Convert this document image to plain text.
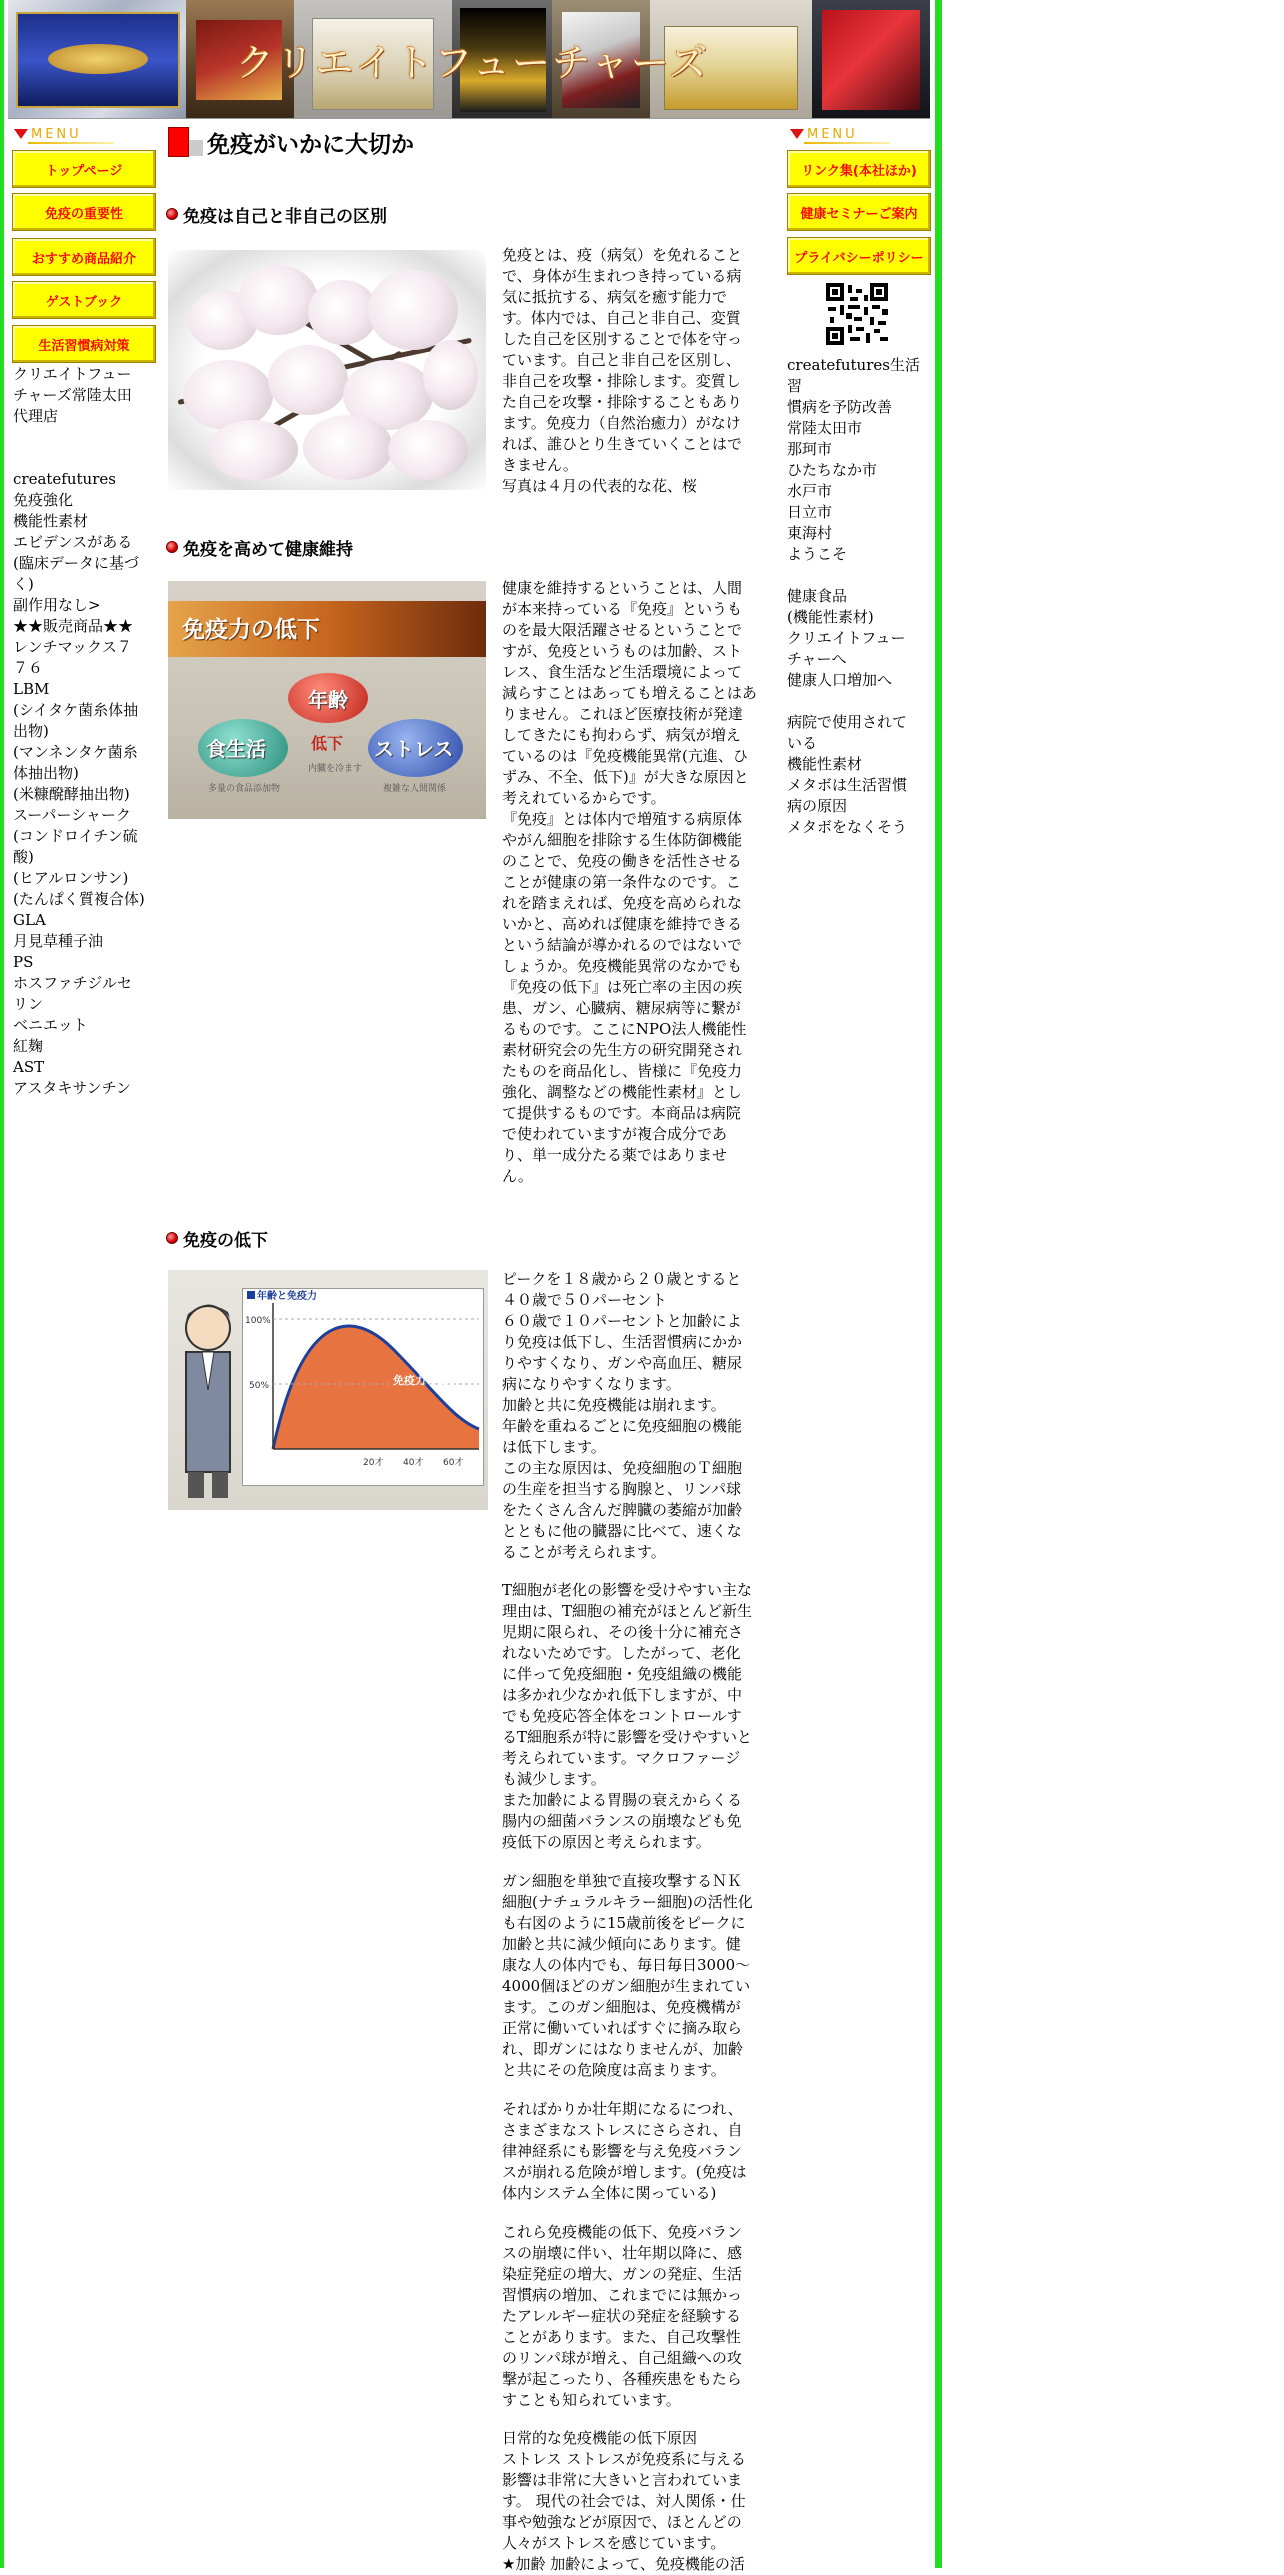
クリエイトフューチャーズ
MENU
トップページ
免疫の重要性
おすすめ商品紹介
ゲストブック
生活習慣病対策
クリエイトフュー
チャーズ常陸太田
代理店
createfutures
免疫強化
機能性素材
エビデンスがある
(臨床データに基づ
く)
副作用なし>
★★販売商品★★
レンチマックス７
７６
LBM
(シイタケ菌糸体抽
出物)
(マンネンタケ菌糸
体抽出物)
(米糠醗酵抽出物)
スーパーシャーク
(コンドロイチン硫
酸)
(ヒアルロンサン)
(たんぱく質複合体)
GLA
月見草種子油
PS
ホスファチジルセ
リン
ベニエット
紅麹
AST
アスタキサンチン
MENU
リンク集(本社ほか)
健康セミナーご案内
プライバシーポリシー
createfutures生活習
慣病を予防改善
常陸太田市
那珂市
ひたちなか市
水戸市
日立市
東海村
ようこそ
健康食品
(機能性素材)
クリエイトフュー
チャーへ
健康人口増加へ
病院で使用されて
いる
機能性素材
メタボは生活習慣
病の原因
メタボをなくそう
免疫がいかに大切か
免疫は自己と非自己の区別

免疫とは、疫（病気）を免れること
で、身体が生まれつき持っている病
気に抵抗する、病気を癒す能力で
す。体内では、自己と非自己、変質
した自己を区別することで体を守っ
ています。自己と非自己を区別し、
非自己を攻撃・排除します。変質し
た自己を攻撃・排除することもあり
ます。免疫力（自然治癒力）がなけ
れば、誰ひとり生きていくことはで
きません。
写真は４月の代表的な花、桜

免疫を高めて健康維持
免疫力の低下
年齢
食生活	ストレス
低下
多量の食品添加物
内臓を冷ます
複雑な人間関係

健康を維持するということは、人間
が本来持っている『免疫』というも
のを最大限活躍させるということで
すが、免疫というものは加齢、スト
レス、食生活など生活環境によって
減らすことはあっても増えることはあ
りません。これほど医療技術が発達
してきたにも拘わらず、病気が増え
ているのは『免疫機能異常(亢進、ひ
ずみ、不全、低下)』が大きな原因と
考えれているからです。
『免疫』とは体内で増殖する病原体
やがん細胞を排除する生体防御機能
のことで、免疫の働きを活性させる
ことが健康の第一条件なのです。こ
れを踏まえれば、免疫を高められな
いかと、高めれば健康を維持できる
という結論が導かれるのではないで
しょうか。免疫機能異常のなかでも
『免疫の低下』は死亡率の主因の疾
患、ガン、心臓病、糖尿病等に繋が
るものです。ここにNPO法人機能性
素材研究会の先生方の研究開発され
たものを商品化し、皆様に『免疫力
強化、調整などの機能性素材』とし
て提供するものです。本商品は病院
で使われていますが複合成分であ
り、単一成分たる薬ではありませ
ん。

免疫の低下
年齢と免疫力
100%
50%
20才 40才 60才
免疫力の低下

ピークを１８歳から２０歳とすると
４０歳で５０パーセント
６０歳で１０パーセントと加齢によ
り免疫は低下し、生活習慣病にかか
りやすくなり、ガンや高血圧、糖尿
病になりやすくなります。
加齢と共に免疫機能は崩れます。
年齢を重ねるごとに免疫細胞の機能
は低下します。
この主な原因は、免疫細胞のＴ細胞
の生産を担当する胸腺と、リンパ球
をたくさん含んだ脾臓の萎縮が加齢
とともに他の臓器に比べて、速くな
ることが考えられます。

T細胞が老化の影響を受けやすい主な
理由は、T細胞の補充がほとんど新生
児期に限られ、その後十分に補充さ
れないためです。したがって、老化
に伴って免疫細胞・免疫組織の機能
は多かれ少なかれ低下しますが、中
でも免疫応答全体をコントロールす
るT細胞系が特に影響を受けやすいと
考えられています。マクロファージ
も減少します。
また加齢による胃腸の衰えからくる
腸内の細菌バランスの崩壊なども免
疫低下の原因と考えられます。

ガン細胞を単独で直接攻撃するＮＫ
細胞(ナチュラルキラー細胞)の活性化
も右図のように15歳前後をピークに
加齢と共に減少傾向にあります。健
康な人の体内でも、毎日毎日3000～
4000個ほどのガン細胞が生まれてい
ます。このガン細胞は、免疫機構が
正常に働いていればすぐに摘み取ら
れ、即ガンにはなりませんが、加齢
と共にその危険度は高まります。

そればかりか壮年期になるにつれ、
さまざまなストレスにさらされ、自
律神経系にも影響を与え免疫バラン
スが崩れる危険が増します。(免疫は
体内システム全体に関っている)

これら免疫機能の低下、免疫バラン
スの崩壊に伴い、壮年期以降に、感
染症発症の増大、ガンの発症、生活
習慣病の増加、これまでには無かっ
たアレルギー症状の発症を経験する
ことがあります。また、自己攻撃性
のリンパ球が増え、自己組織への攻
撃が起こったり、各種疾患をもたら
すことも知られています。

日常的な免疫機能の低下原因
ストレス ストレスが免疫系に与える
影響は非常に大きいと言われていま
す。 現代の社会では、対人関係・仕
事や勉強などが原因で、ほとんどの
人々がストレスを感じています。
★加齢 加齢によって、免疫機能の活
